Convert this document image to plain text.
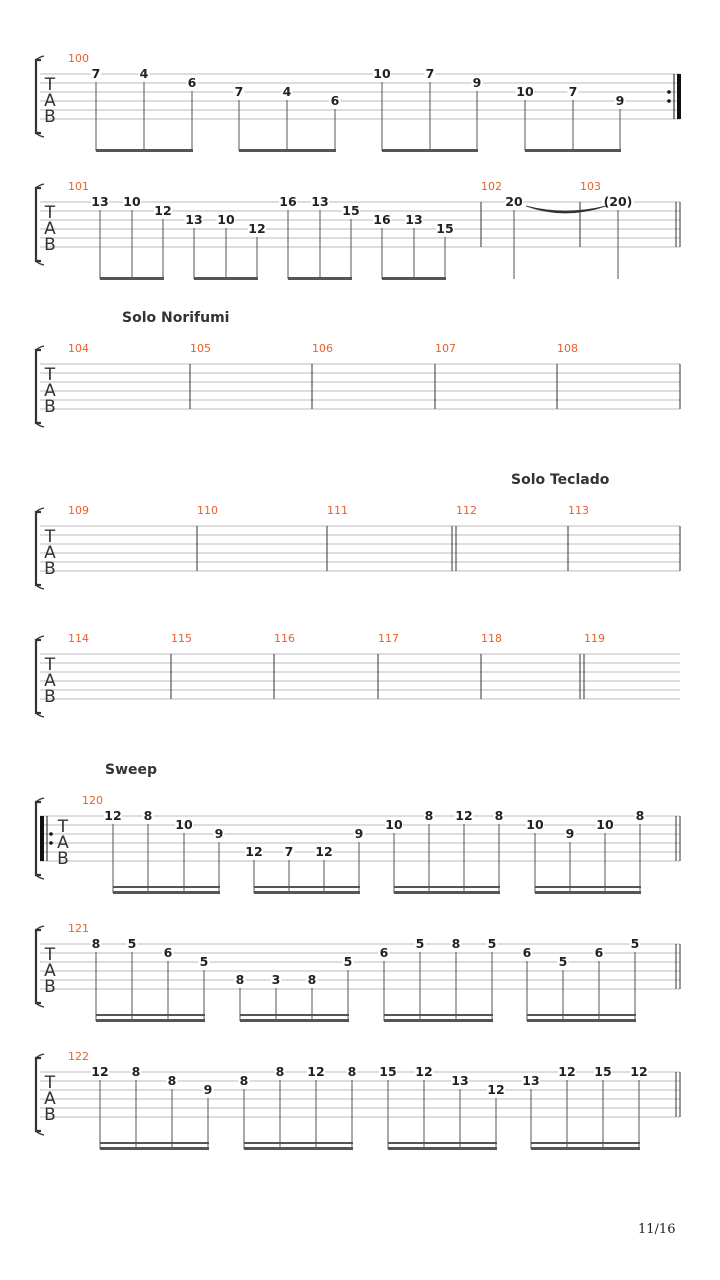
Solo Norifumi
Solo Teclado
Sweep
T
A
B
100
7	4
6
7	4
6
10	7
9
10	7
9
T
A
B
101	102	103
13 10
12
13 10
12
16 13
15
16 13
15
20	(20)
T
A
B
104	105	106	107	108
T
A
B
109	110	111	112	113
T
A
B
114	115	116	117	118	119
T
A
B
120
12 8
10
9
12 7 12
9
10
8 12 8
10
9
10
8
T
A
B
121
8 5
6
5
8 3 8
5
6
5 8 5
6
5
6
5
T
A
B
122
12 8
8
9
8
8 12 8 15 12
13
12
13
12 15 12
11/16
